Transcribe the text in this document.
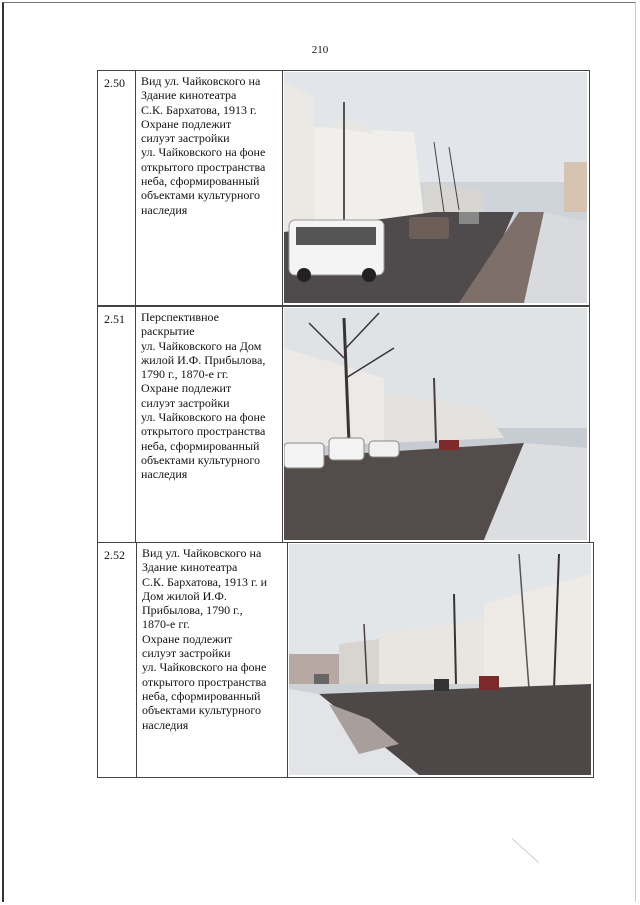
210
2.50	Вид ул. Чайковского на
Здание кинотеатра
С.К. Бархатова, 1913 г.
Охране подлежит
силуэт застройки
ул. Чайковского на фоне
открытого пространства
неба, сформированный
объектами культурного
наследия	
2.51	Перспективное
раскрытие
ул. Чайковского на Дом
жилой И.Ф. Прибылова,
1790 г., 1870-е гг.
Охране подлежит
силуэт застройки
ул. Чайковского на фоне
открытого пространства
неба, сформированный
объектами культурного
наследия	
2.52	Вид ул. Чайковского на
Здание кинотеатра
С.К. Бархатова, 1913 г. и
Дом жилой И.Ф.
Прибылова, 1790 г.,
1870-е гг.
Охране подлежит
силуэт застройки
ул. Чайковского на фоне
открытого пространства
неба, сформированный
объектами культурного
наследия	
